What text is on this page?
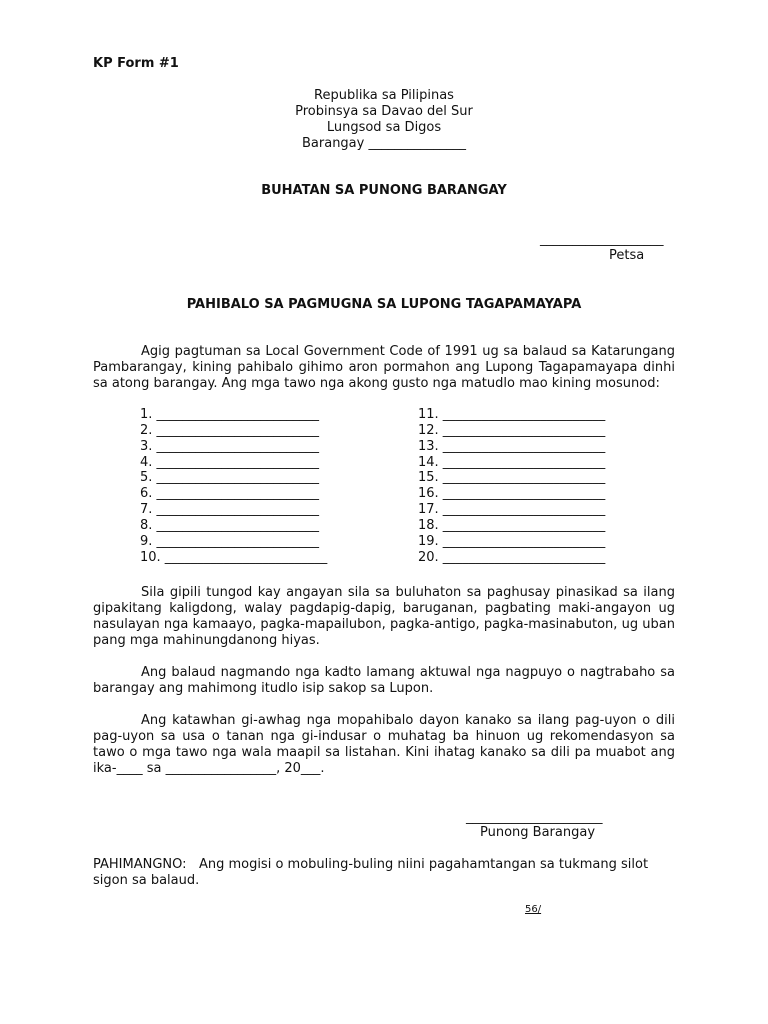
KP Form #1
Republika sa Pilipinas
Probinsya sa Davao del Sur
Lungsod sa Digos
Barangay _______________
BUHATAN SA PUNONG BARANGAY
___________________
Petsa
PAHIBALO SA PAGMUGNA SA LUPONG TAGAPAMAYAPA

Agig pagtuman sa Local Government Code of 1991 ug sa balaud sa Katarungang Pambarangay, kining pahibalo gihimo aron pormahon ang Lupong Tagapamayapa dinhi sa atong barangay. Ang mga tawo nga akong gusto nga matudlo mao kining mosunod:

1. _________________________
2. _________________________
3. _________________________
4. _________________________
5. _________________________
6. _________________________
7. _________________________
8. _________________________
9. _________________________
10. _________________________
11. _________________________
12. _________________________
13. _________________________
14. _________________________
15. _________________________
16. _________________________
17. _________________________
18. _________________________
19. _________________________
20. _________________________

Sila gipili tungod kay angayan sila sa buluhaton sa paghusay pinasikad sa ilang gipakitang kaligdong, walay pagdapig-dapig, baruganan, pagbating maki-angayon ug nasulayan nga kamaayo, pagka-mapailubon, pagka-antigo, pagka-masinabuton, ug uban pang mga mahinungdanong hiyas.

Ang balaud nagmando nga kadto lamang aktuwal nga nagpuyo o nagtrabaho sa barangay ang mahimong itudlo isip sakop sa Lupon.

Ang katawhan gi-awhag nga mopahibalo dayon kanako sa ilang pag-uyon o dili pag-uyon sa usa o tanan nga gi-indusar o muhatag ba hinuon ug rekomendasyon sa tawo o mga tawo nga wala maapil sa listahan. Kini ihatag kanako sa dili pa muabot ang ika-____ sa _________________, 20___.

_____________________
Punong Barangay
PAHIMANGNO: Ang mogisi o mobuling-buling niini pagahamtangan sa tukmang silot sigon sa balaud.
56/
